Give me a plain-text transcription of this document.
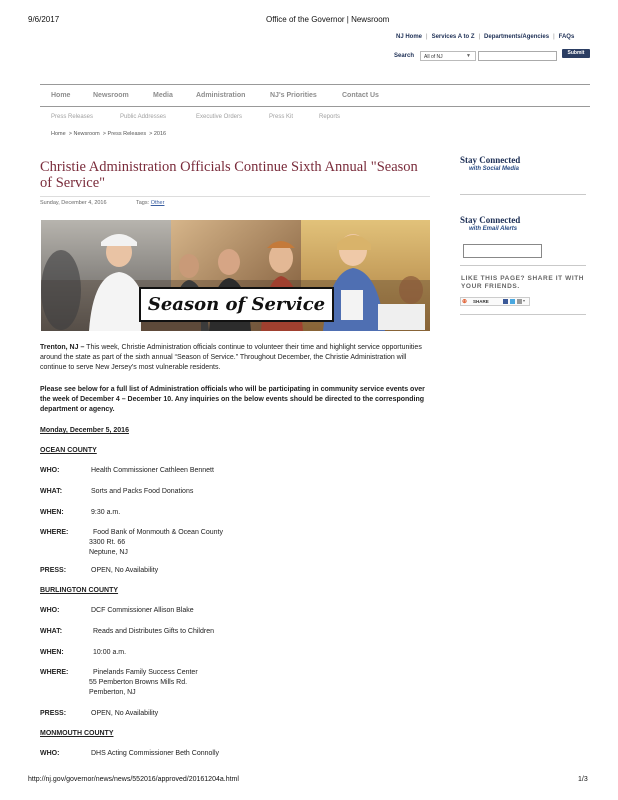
9/6/2017	Office of the Governor | Newsroom
NJ Home | Services A to Z | Departments/Agencies | FAQs
Search	All of NJ	▼	Submit
Home	Newsroom	Media	Administration	NJ's Priorities	Contact Us
Press Releases	Public Addresses	Executive Orders	Press Kit	Reports
Home  > Newsroom  > Press Releases  > 2016
Christie Administration Officials Continue Sixth Annual "Season of Service"
Sunday, December 4, 2016	Tags: Other
Season of Service
Trenton, NJ – This week, Christie Administration officials continue to volunteer their time and highlight service opportunities around the state as part of the sixth annual “Season of Service.” Throughout December, the Christie Administration will continue to serve New Jersey’s most vulnerable residents.
Please see below for a full list of Administration officials who will be participating in community service events over the week of December 4 – December 10. Any inquiries on the below events should be directed to the corresponding department or agency.
Monday, December 5, 2016
OCEAN COUNTY
WHO:	Health Commissioner Cathleen Bennett
WHAT:	Sorts and Packs Food Donations
WHEN:	9:30 a.m.
WHERE:	Food Bank of Monmouth & Ocean County
3300 Rt. 66
Neptune, NJ
PRESS:	OPEN, No Availability
BURLINGTON COUNTY
WHO:	DCF Commissioner Allison Blake
WHAT:	Reads and Distributes Gifts to Children
WHEN:	10:00 a.m.
WHERE:	Pinelands Family Success Center
55 Pemberton Browns Mills Rd.
Pemberton, NJ
PRESS:	OPEN, No Availability
MONMOUTH COUNTY
WHO:	DHS Acting Commissioner Beth Connolly
Stay Connected
with Social Media
Stay Connected
with Email Alerts
LIKE THIS PAGE? SHARE IT WITH YOUR FRIENDS.
⊕ SHARE	▾
http://nj.gov/governor/news/news/552016/approved/20161204a.html	1/3
